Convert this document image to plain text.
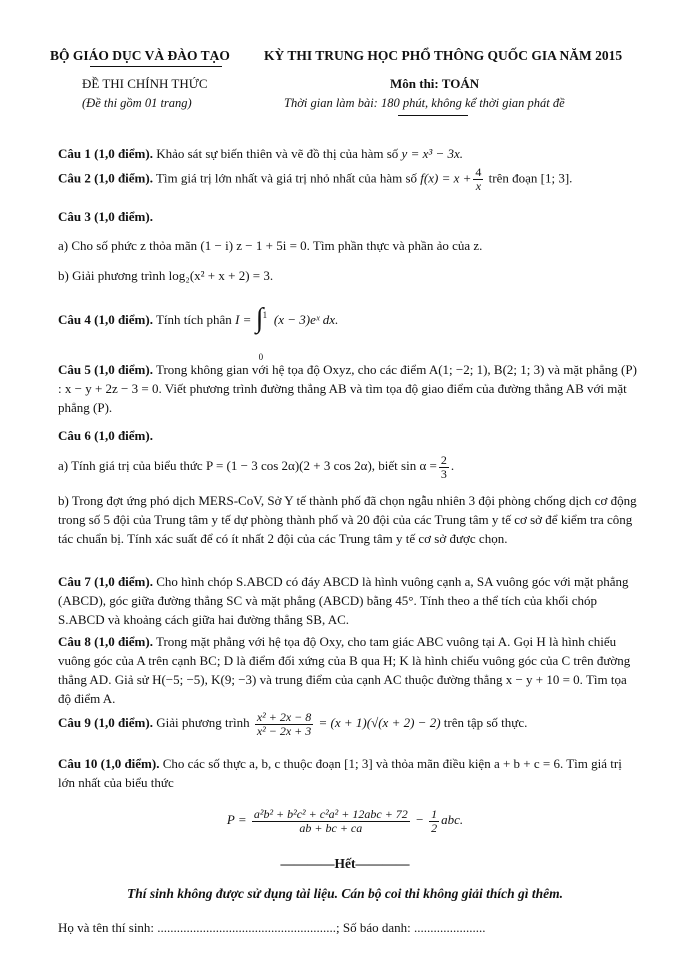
BỘ GIÁO DỤC VÀ ĐÀO TẠO	KỲ THI TRUNG HỌC PHỔ THÔNG QUỐC GIA NĂM 2015
ĐỀ THI CHÍNH THỨC	Môn thi: TOÁN
(Đề thi gồm 01 trang)	Thời gian làm bài: 180 phút, không kể thời gian phát đề
Câu 1 (1,0 điểm). Khảo sát sự biến thiên và vẽ đồ thị của hàm số y = x³ − 3x.
Câu 2 (1,0 điểm). Tìm giá trị lớn nhất và giá trị nhỏ nhất của hàm số $f(x) = x + \frac{4}{x}$ trên đoạn [1; 3].
Câu 3 (1,0 điểm).
a) Cho số phức z thỏa mãn (1 − i) z − 1 + 5i = 0. Tìm phần thực và phần ảo của z.
b) Giải phương trình log₂(x² + x + 2) = 3.
Câu 4 (1,0 điểm). Tính tích phân I = ∫ 1
0
(x − 3)eˣ dx.
Câu 5 (1,0 điểm). Trong không gian với hệ tọa độ Oxyz, cho các điểm A(1; −2; 1), B(2; 1; 3) và mặt phẳng (P) : x − y + 2z − 3 = 0. Viết phương trình đường thẳng AB và tìm tọa độ giao điểm của đường thẳng AB với mặt phẳng (P).
Câu 6 (1,0 điểm).
a) Tính giá trị của biểu thức P = (1 − 3 cos 2α)(2 + 3 cos 2α), biết $\sin \alpha = \frac{2}{3}$ .
b) Trong đợt ứng phó dịch MERS-CoV, Sở Y tế thành phố đã chọn ngẫu nhiên 3 đội phòng chống dịch cơ động trong số 5 đội của Trung tâm y tế dự phòng thành phố và 20 đội của các Trung tâm y tế cơ sở để kiểm tra công tác chuẩn bị. Tính xác suất để có ít nhất 2 đội của các Trung tâm y tế cơ sở được chọn.
Câu 7 (1,0 điểm). Cho hình chóp S.ABCD có đáy ABCD là hình vuông cạnh a, SA vuông góc với mặt phẳng (ABCD), góc giữa đường thẳng SC và mặt phẳng (ABCD) bằng 45°. Tính theo a thể tích của khối chóp S.ABCD và khoảng cách giữa hai đường thẳng SB, AC.
Câu 8 (1,0 điểm). Trong mặt phẳng với hệ tọa độ Oxy, cho tam giác ABC vuông tại A. Gọi H là hình chiếu vuông góc của A trên cạnh BC; D là điểm đối xứng của B qua H; K là hình chiếu vuông góc của C trên đường thẳng AD. Giả sử H(−5; −5), K(9; −3) và trung điểm của cạnh AC thuộc đường thẳng x − y + 10 = 0. Tìm tọa độ điểm A.
Câu 9 (1,0 điểm). Giải phương trình $\frac{\text{x² + 2x − 8}}{\text{x² − 2x + 3}} = (x + 1)(√(x + 2) - 2)$ trên tập số thực.
Câu 10 (1,0 điểm). Cho các số thực a, b, c thuộc đoạn [1; 3] và thỏa mãn điều kiện a + b + c = 6. Tìm giá trị lớn nhất của biểu thức
$P = \frac{\text{a²b² + b²c² + c²a² + 12abc + 72}}{ab + bc + ca} - \frac{1}{2}$ abc.
————Hết————
Thí sinh không được sử dụng tài liệu. Cán bộ coi thi không giải thích gì thêm.
Họ và tên thí sinh: .......................................................; Số báo danh: ......................
